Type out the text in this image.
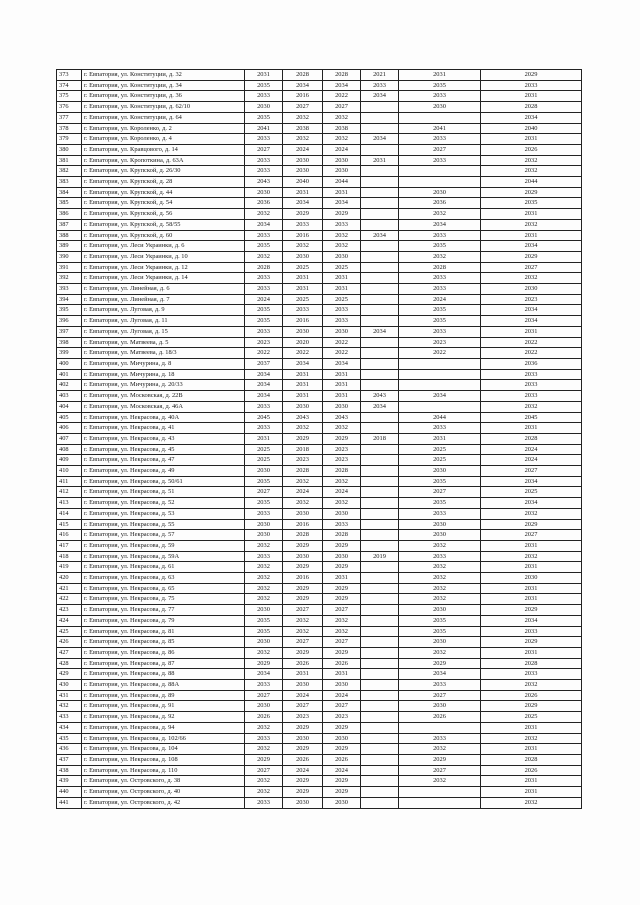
373	г. Евпатория, ул. Конституции, д. 32	2031	2028	2028	2021	2031	2029
374	г. Евпатория, ул. Конституции, д. 34	2035	2034	2034	2033	2035	2033
375	г. Евпатория, ул. Конституции, д. 36	2033	2016	2022	2034	2033	2031
376	г. Евпатория, ул. Конституции, д. 62/10	2030	2027	2027		2030	2028
377	г. Евпатория, ул. Конституции, д. 64	2035	2032	2032			2034
378	г. Евпатория, ул. Короленко, д. 2	2041	2038	2038		2041	2040
379	г. Евпатория, ул. Короленко, д. 4	2033	2032	2032	2034	2033	2031
380	г. Евпатория, ул. Кравцового, д. 14	2027	2024	2024		2027	2026
381	г. Евпатория, ул. Кропоткина, д. 63А	2033	2030	2030	2031	2033	2032
382	г. Евпатория, ул. Крупской, д. 26/30	2033	2030	2030			2032
383	г. Евпатория, ул. Крупской, д. 28	2043	2040	2044			2044
384	г. Евпатория, ул. Крупской, д. 44	2030	2031	2031		2030	2029
385	г. Евпатория, ул. Крупской, д. 54	2036	2034	2034		2036	2035
386	г. Евпатория, ул. Крупской, д. 56	2032	2029	2029		2032	2031
387	г. Евпатория, ул. Крупской, д. 58/55	2034	2033	2033		2034	2032
388	г. Евпатория, ул. Крупской, д. 60	2033	2016	2032	2034	2033	2031
389	г. Евпатория, ул. Леси Украинки, д. 6	2035	2032	2032		2035	2034
390	г. Евпатория, ул. Леси Украинки, д. 10	2032	2030	2030		2032	2029
391	г. Евпатория, ул. Леси Украинки, д. 12	2028	2025	2025		2028	2027
392	г. Евпатория, ул. Леси Украинки, д. 14	2033	2031	2031		2033	2032
393	г. Евпатория, ул. Линейная, д. 6	2033	2031	2031		2033	2030
394	г. Евпатория, ул. Линейная, д. 7	2024	2025	2025		2024	2023
395	г. Евпатория, ул. Луговая, д. 9	2035	2033	2033		2035	2034
396	г. Евпатория, ул. Луговая, д. 11	2035	2016	2033		2035	2034
397	г. Евпатория, ул. Луговая, д. 15	2033	2030	2030	2034	2033	2031
398	г. Евпатория, ул. Матвеева, д. 5	2023	2020	2022		2023	2022
399	г. Евпатория, ул. Матвеева, д. 18/3	2022	2022	2022		2022	2022
400	г. Евпатория, ул. Мичурина, д. 8	2037	2034	2034			2036
401	г. Евпатория, ул. Мичурина, д. 18	2034	2031	2031			2033
402	г. Евпатория, ул. Мичурина, д. 20/33	2034	2031	2031			2033
403	г. Евпатория, ул. Московская, д. 22В	2034	2031	2031	2043	2034	2033
404	г. Евпатория, ул. Московская, д. 46А	2033	2030	2030	2034		2032
405	г. Евпатория, ул. Некрасова, д. 40А	2045	2043	2043		2044	2045
406	г. Евпатория, ул. Некрасова, д. 41	2033	2032	2032		2033	2031
407	г. Евпатория, ул. Некрасова, д. 43	2031	2029	2029	2018	2031	2028
408	г. Евпатория, ул. Некрасова, д. 45	2025	2018	2023		2025	2024
409	г. Евпатория, ул. Некрасова, д. 47	2025	2023	2023		2025	2024
410	г. Евпатория, ул. Некрасова, д. 49	2030	2028	2028		2030	2027
411	г. Евпатория, ул. Некрасова, д. 50/61	2035	2032	2032		2035	2034
412	г. Евпатория, ул. Некрасова, д. 51	2027	2024	2024		2027	2025
413	г. Евпатория, ул. Некрасова, д. 52	2035	2032	2032		2035	2034
414	г. Евпатория, ул. Некрасова, д. 53	2033	2030	2030		2033	2032
415	г. Евпатория, ул. Некрасова, д. 55	2030	2016	2033		2030	2029
416	г. Евпатория, ул. Некрасова, д. 57	2030	2028	2028		2030	2027
417	г. Евпатория, ул. Некрасова, д. 59	2032	2029	2029		2032	2031
418	г. Евпатория, ул. Некрасова, д. 59А	2033	2030	2030	2019	2033	2032
419	г. Евпатория, ул. Некрасова, д. 61	2032	2029	2029		2032	2031
420	г. Евпатория, ул. Некрасова, д. 63	2032	2016	2031		2032	2030
421	г. Евпатория, ул. Некрасова, д. 65	2032	2029	2029		2032	2031
422	г. Евпатория, ул. Некрасова, д. 75	2032	2029	2029		2032	2031
423	г. Евпатория, ул. Некрасова, д. 77	2030	2027	2027		2030	2029
424	г. Евпатория, ул. Некрасова, д. 79	2035	2032	2032		2035	2034
425	г. Евпатория, ул. Некрасова, д. 81	2035	2032	2032		2035	2033
426	г. Евпатория, ул. Некрасова, д. 85	2030	2027	2027		2030	2029
427	г. Евпатория, ул. Некрасова, д. 86	2032	2029	2029		2032	2031
428	г. Евпатория, ул. Некрасова, д. 87	2029	2026	2026		2029	2028
429	г. Евпатория, ул. Некрасова, д. 88	2034	2031	2031		2034	2033
430	г. Евпатория, ул. Некрасова, д. 88А	2033	2030	2030		2033	2032
431	г. Евпатория, ул. Некрасова, д. 89	2027	2024	2024		2027	2026
432	г. Евпатория, ул. Некрасова, д. 91	2030	2027	2027		2030	2029
433	г. Евпатория, ул. Некрасова, д. 92	2026	2023	2023		2026	2025
434	г. Евпатория, ул. Некрасова, д. 94	2032	2029	2029			2031
435	г. Евпатория, ул. Некрасова, д. 102/66	2033	2030	2030		2033	2032
436	г. Евпатория, ул. Некрасова, д. 104	2032	2029	2029		2032	2031
437	г. Евпатория, ул. Некрасова, д. 108	2029	2026	2026		2029	2028
438	г. Евпатория, ул. Некрасова, д. 110	2027	2024	2024		2027	2026
439	г. Евпатория, ул. Островского, д. 38	2032	2029	2029		2032	2031
440	г. Евпатория, ул. Островского, д. 40	2032	2029	2029			2031
441	г. Евпатория, ул. Островского, д. 42	2033	2030	2030			2032
